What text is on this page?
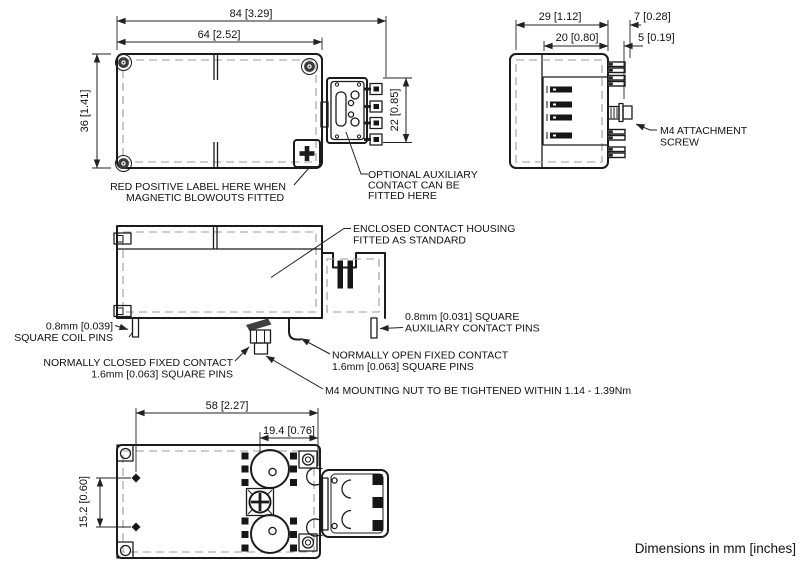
84 [3.29]
64 [2.52]
36 [1.41]	22 [0.85]
RED POSITIVE LABEL HERE WHEN
MAGNETIC BLOWOUTS FITTED
OPTIONAL AUXILIARY
CONTACT CAN BE
FITTED HERE
29 [1.12]
20 [0.80]
7 [0.28]
5 [0.19]
M4 ATTACHMENT
SCREW
0.8mm [0.039]
SQUARE COIL PINS
NORMALLY CLOSED FIXED CONTACT
1.6mm [0.063] SQUARE PINS
NORMALLY OPEN FIXED CONTACT
1.6mm [0.063] SQUARE PINS
M4 MOUNTING NUT TO BE TIGHTENED WITHIN 1.14 - 1.39Nm
ENCLOSED CONTACT HOUSING
FITTED AS STANDARD
0.8mm [0.031] SQUARE
AUXILIARY CONTACT PINS
58 [2.27]
19.4 [0.76]
15.2 [0.60]
Dimensions in mm [inches]
